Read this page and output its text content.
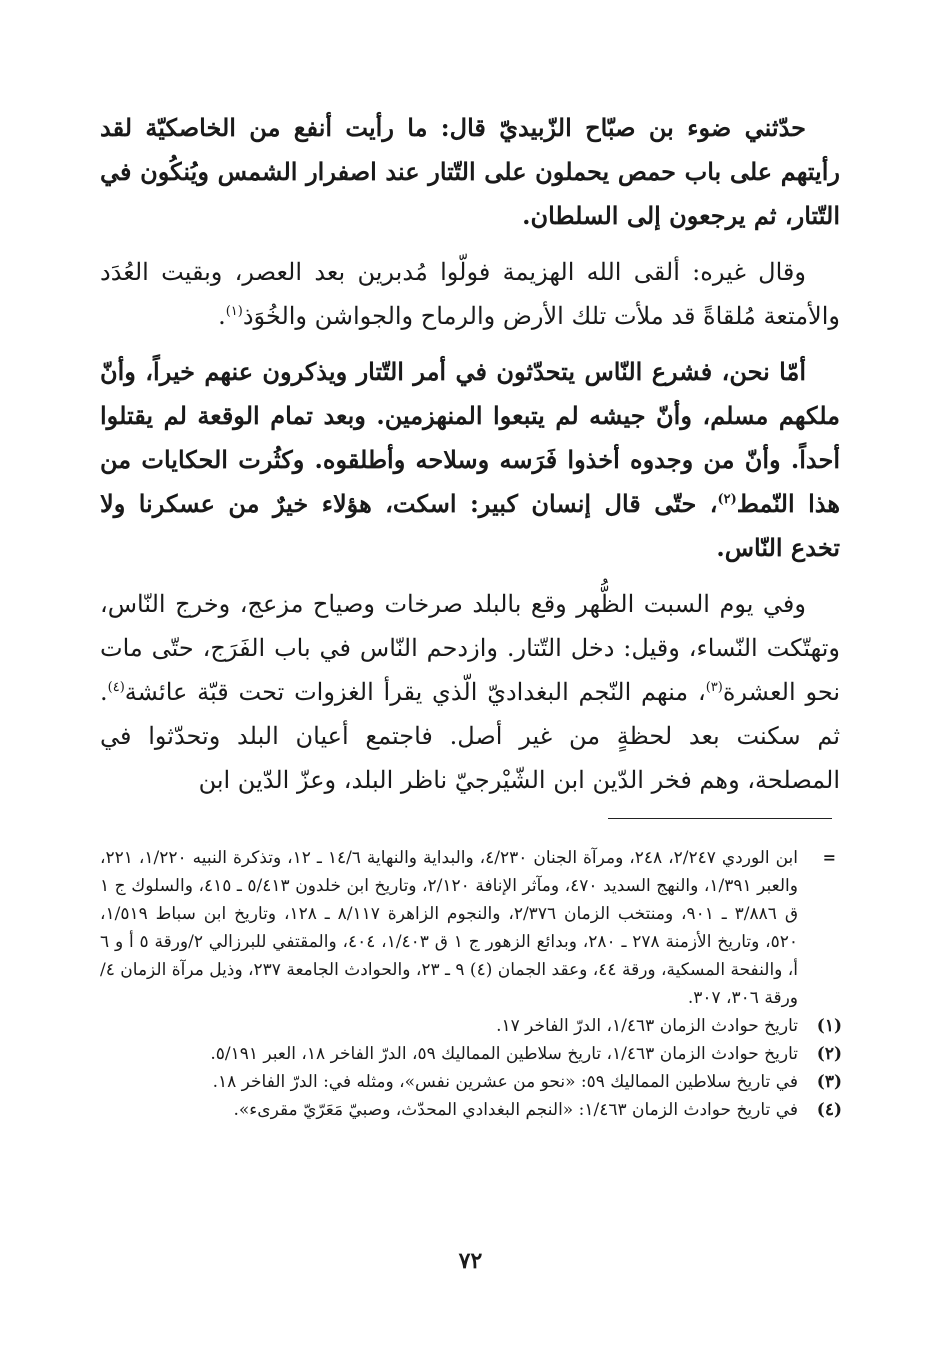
حدّثني ضوء بن صبّاح الزّبيديّ قال: ما رأيت أنفع من الخاصكيّة لقد رأيتهم على باب حمص يحملون على التّتار عند اصفرار الشمس ويُنكُون في التّتار، ثم يرجعون إلى السلطان.

وقال غيره: ألقى الله الهزيمة فولّوا مُدبرين بعد العصر، وبقيت العُدَد والأمتعة مُلقاةً قد ملأت تلك الأرض والرماح والجواشن والخُوَذ$^{(١)}$.

أمّا نحن، فشرع النّاس يتحدّثون في أمر التّتار ويذكرون عنهم خيراً، وأنّ ملكهم مسلم، وأنّ جيشه لم يتبعوا المنهزمين. وبعد تمام الوقعة لم يقتلوا أحداً. وأنّ من وجدوه أخذوا فَرَسه وسلاحه وأطلقوه. وكثُرت الحكايات من هذا النّمط$^{(٢)}$، حتّى قال إنسان كبير: اسكت، هؤلاء خيرٌ من عسكرنا ولا تخدع النّاس.

وفي يوم السبت الظُّهر وقع بالبلد صرخات وصياح مزعج، وخرج النّاس، وتهتّكت النّساء، وقيل: دخل التّتار. وازدحم النّاس في باب الفَرَج، حتّى مات نحو العشرة$^{(٣)}$، منهم النّجم البغداديّ الّذي يقرأ الغزوات تحت قبّة عائشة$^{(٤)}$. ثم سكنت بعد لحظةٍ من غير أصل. فاجتمع أعيان البلد وتحدّثوا في المصلحة، وهم فخر الدّين ابن الشّيْرجيّ ناظر البلد، وعزّ الدّين ابن

=
ابن الوردي ٢/٢٤٧، ٢٤٨، ومرآة الجنان ٤/٢٣٠، والبداية والنهاية ١٤/٦ ـ ١٢، وتذكرة النبيه ١/٢٢٠، ٢٢١، والعبر ١/٣٩١، والنهج السديد ٤٧٠، ومآثر الإنافة ٢/١٢٠، وتاريخ ابن خلدون ٥/٤١٣ ـ ٤١٥، والسلوك ج ١ ق ٣/٨٨٦ ـ ٩٠١، ومنتخب الزمان ٢/٣٧٦، والنجوم الزاهرة ٨/١١٧ ـ ١٢٨، وتاريخ ابن سباط ١/٥١٩، ٥٢٠، وتاريخ الأزمنة ٢٧٨ ـ ٢٨٠، وبدائع الزهور ج ١ ق ١/٤٠٣، ٤٠٤، والمقتفي للبرزالي ٢/ورقة ٥ أ و ٦ أ، والنفحة المسكية، ورقة ٤٤، وعقد الجمان (٤) ٩ ـ ٢٣، والحوادث الجامعة ٢٣٧، وذيل مرآة الزمان ٤/ورقة ٣٠٦، ٣٠٧.
(١)
تاريخ حوادث الزمان ١/٤٦٣، الدرّ الفاخر ١٧.
(٢)
تاريخ حوادث الزمان ١/٤٦٣، تاريخ سلاطين المماليك ٥٩، الدرّ الفاخر ١٨، العبر ٥/١٩١.
(٣)
في تاريخ سلاطين المماليك ٥٩: «نحو من عشرين نفس»، ومثله في: الدرّ الفاخر ١٨.
(٤)
في تاريخ حوادث الزمان ١/٤٦٣: «النجم البغدادي المحدّث، وصبيّ مَعَرّيّ مقرىء».
٧٢
